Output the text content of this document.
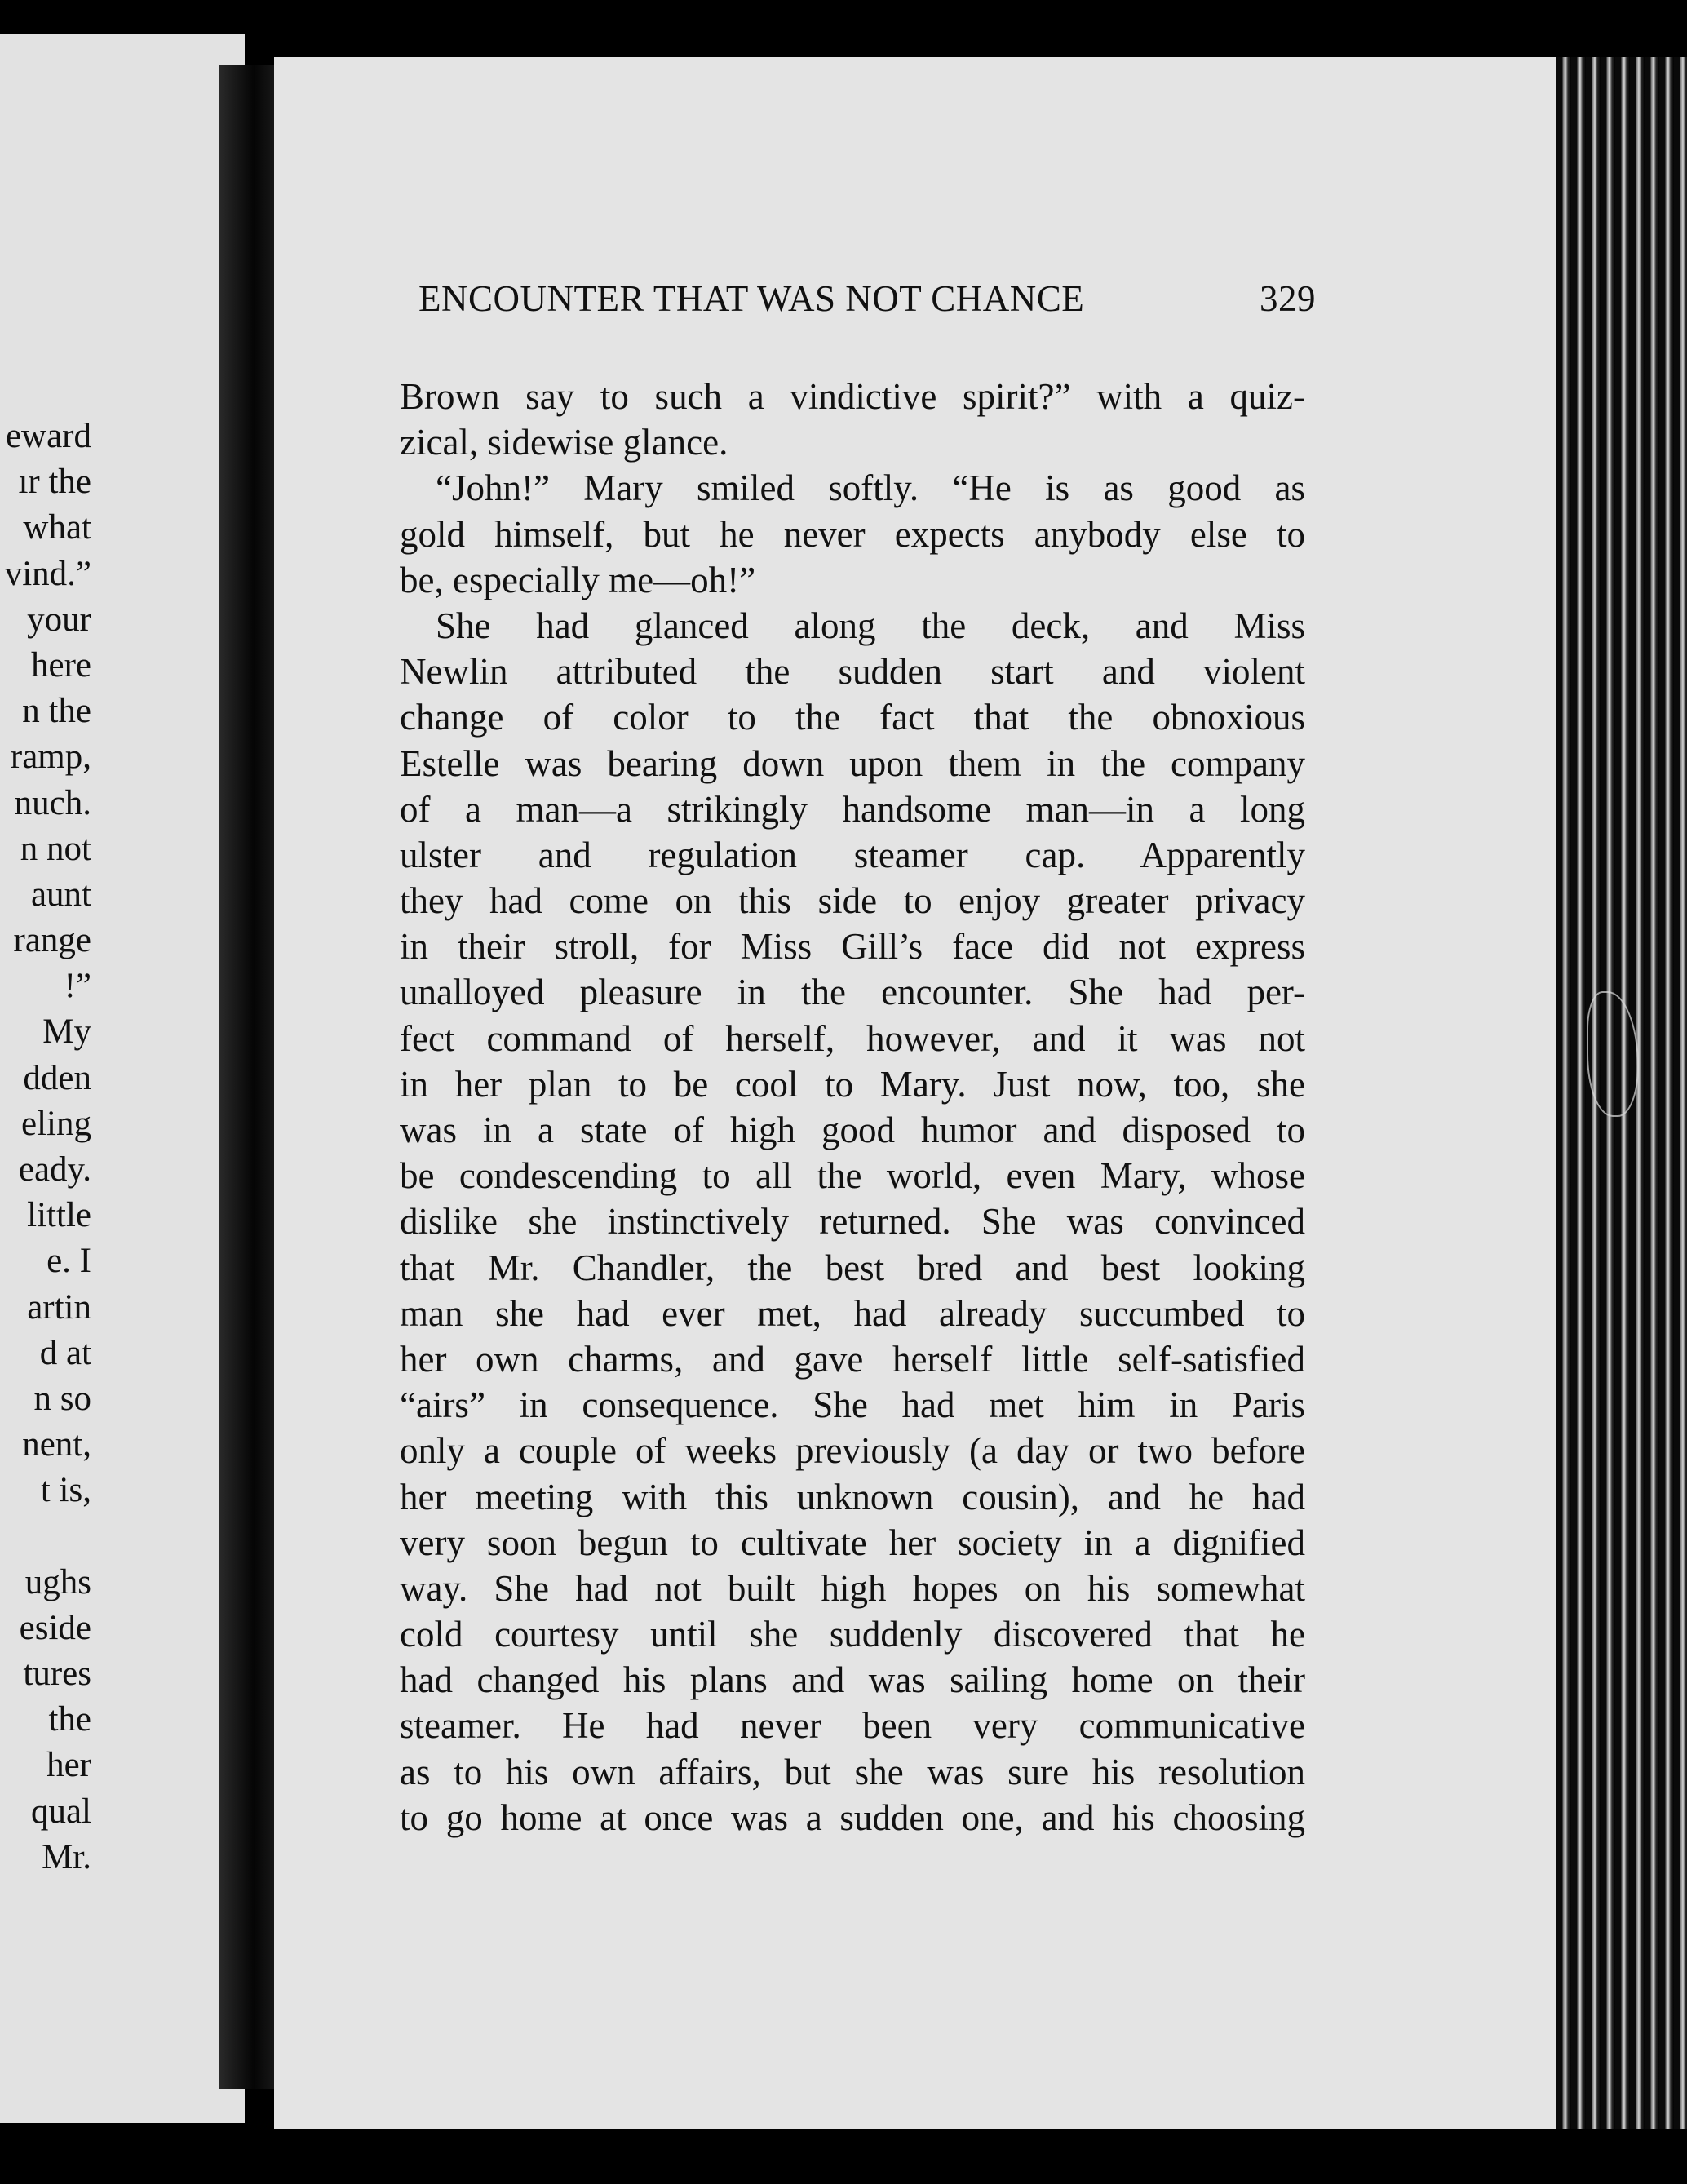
eward
ır the
what
vind.”
your
here
n the
ramp,
nuch.
n not
aunt
range
!”
My
dden
eling
eady.
little
e. I
artin
d at
n so
nent,
t is,
ughs
eside
tures
the
her
qual
Mr.
ENCOUNTER THAT WAS NOT CHANCE	329
Brown say to such a vindictive spirit?” with a quiz-
zical, sidewise glance.
“John!” Mary smiled softly. “He is as good as
gold himself, but he never expects anybody else to
be, especially me—oh!”
She had glanced along the deck, and Miss
Newlin attributed the sudden start and violent
change of color to the fact that the obnoxious
Estelle was bearing down upon them in the company
of a man—a strikingly handsome man—in a long
ulster and regulation steamer cap. Apparently
they had come on this side to enjoy greater privacy
in their stroll, for Miss Gill’s face did not express
unalloyed pleasure in the encounter. She had per-
fect command of herself, however, and it was not
in her plan to be cool to Mary. Just now, too, she
was in a state of high good humor and disposed to
be condescending to all the world, even Mary, whose
dislike she instinctively returned. She was convinced
that Mr. Chandler, the best bred and best looking
man she had ever met, had already succumbed to
her own charms, and gave herself little self-satisfied
“airs” in consequence. She had met him in Paris
only a couple of weeks previously (a day or two before
her meeting with this unknown cousin), and he had
very soon begun to cultivate her society in a dignified
way. She had not built high hopes on his somewhat
cold courtesy until she suddenly discovered that he
had changed his plans and was sailing home on their
steamer. He had never been very communicative
as to his own affairs, but she was sure his resolution
to go home at once was a sudden one, and his choosing
